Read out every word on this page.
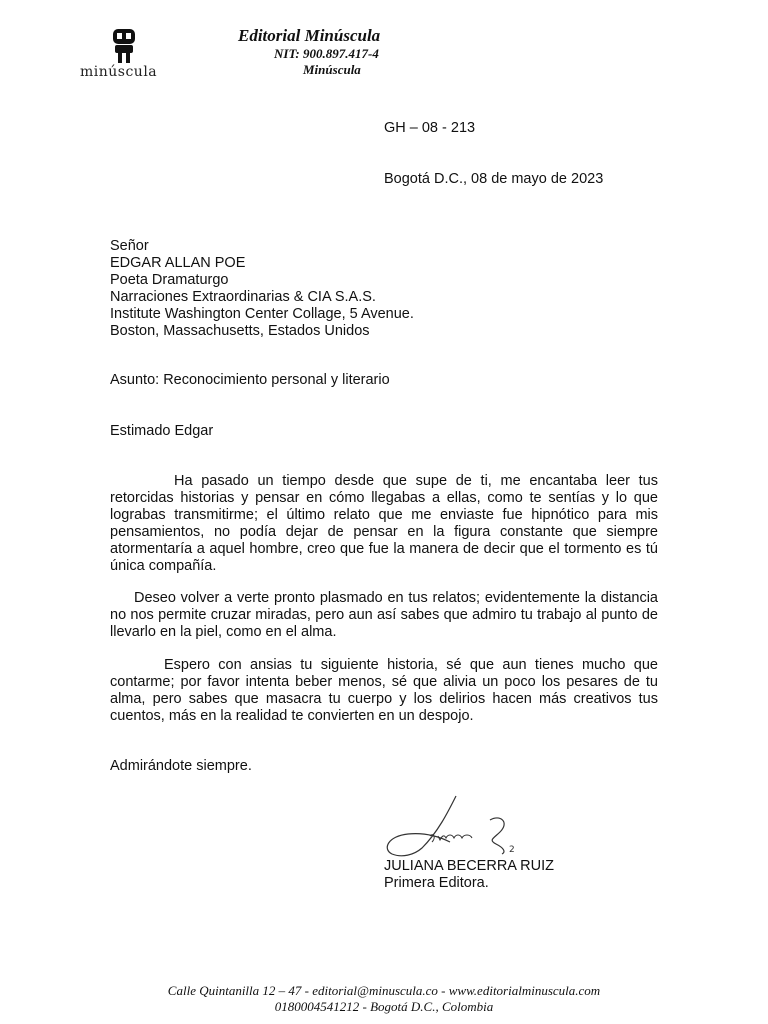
minúscula
Editorial Minúscula
NIT: 900.897.417-4
Minúscula
GH – 08 - 213
Bogotá D.C., 08 de mayo de 2023
Señor
EDGAR ALLAN POE
Poeta Dramaturgo
Narraciones Extraordinarias & CIA S.A.S.
Institute Washington Center Collage, 5 Avenue.
Boston, Massachusetts, Estados Unidos
Asunto: Reconocimiento personal y literario
Estimado Edgar

Ha pasado un tiempo desde que supe de ti, me encantaba leer tus retorcidas historias y pensar en cómo llegabas a ellas, como te sentías y lo que lograbas transmitirme; el último relato que me enviaste fue hipnótico para mis pensamientos, no podía dejar de pensar en la figura constante que siempre atormentaría a aquel hombre, creo que fue la manera de decir que el tormento es tú única compañía.

Deseo volver a verte pronto plasmado en tus relatos; evidentemente la distancia no nos permite cruzar miradas, pero aun así sabes que admiro tu trabajo al punto de llevarlo en la piel, como en el alma.

Espero con ansias tu siguiente historia, sé que aun tienes mucho que contarme; por favor intenta beber menos, sé que alivia un poco los pesares de tu alma, pero sabes que masacra tu cuerpo y los delirios hacen más creativos tus cuentos, más en la realidad te convierten en un despojo.

Admirándote siempre.
2
JULIANA BECERRA RUIZ
Primera Editora.
Calle Quintanilla 12 – 47 - editorial@minuscula.co - www.editorialminuscula.com
0180004541212 - Bogotá D.C., Colombia
